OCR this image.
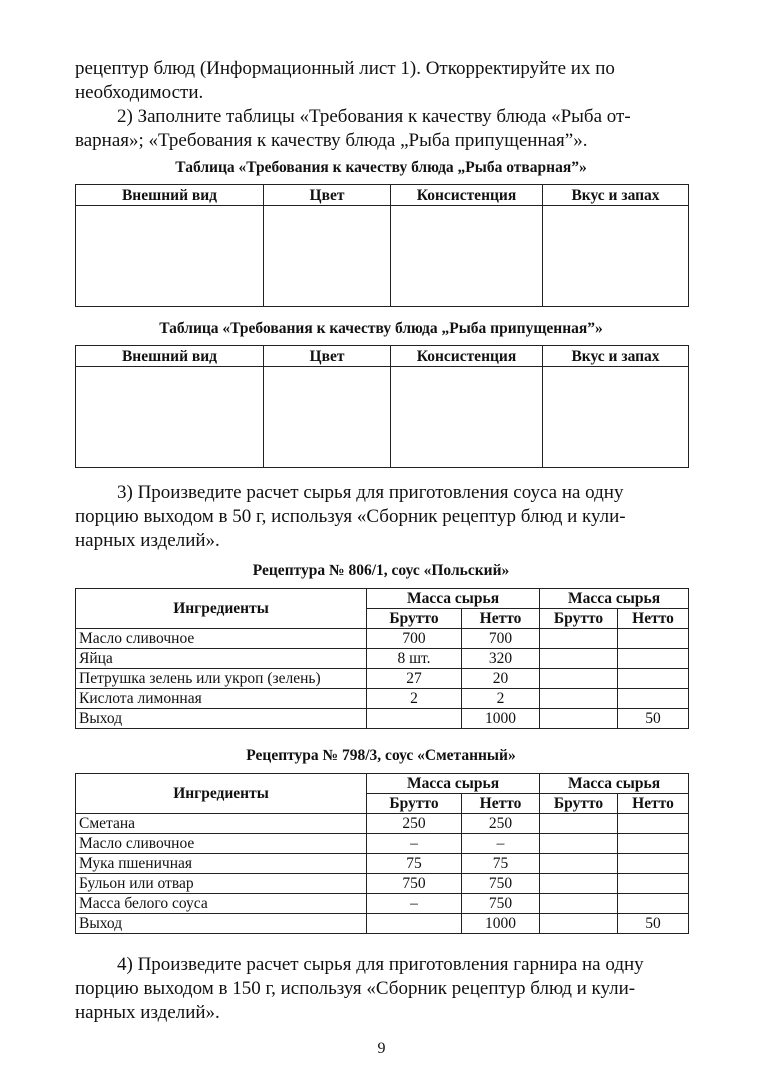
рецептур блюд (Информационный лист 1). Откорректируйте их по
необходимости.

2) Заполните таблицы «Требования к качеству блюда «Рыба от-
варная»; «Требования к качеству блюда „Рыба припущенная”».

Таблица «Требования к качеству блюда „Рыба отварная”»

Внешний вид	Цвет	Консистенция	Вкус и запах

Таблица «Требования к качеству блюда „Рыба припущенная”»

Внешний вид	Цвет	Консистенция	Вкус и запах

3) Произведите расчет сырья для приготовления соуса на одну
порцию выходом в 50 г, используя «Сборник рецептур блюд и кули-
нарных изделий».

Рецептура № 806/1, соус «Польский»

Ингредиенты	Масса сырья		Масса сырья	
	Брутто	Нетто	Брутто	Нетто
Масло сливочное	700	700		
Яйца	8 шт.	320		
Петрушка зелень или укроп (зелень)	27	20		
Кислота лимонная	2	2		
Выход		1000		50

Рецептура № 798/3, соус «Сметанный»

Ингредиенты	Масса сырья		Масса сырья	
	Брутто	Нетто	Брутто	Нетто
Сметана	250	250		
Масло сливочное	–	–		
Мука пшеничная	75	75		
Бульон или отвар	750	750		
Масса белого соуса	–	750		
Выход		1000		50

4) Произведите расчет сырья для приготовления гарнира на одну
порцию выходом в 150 г, используя «Сборник рецептур блюд и кули-
нарных изделий».

9
